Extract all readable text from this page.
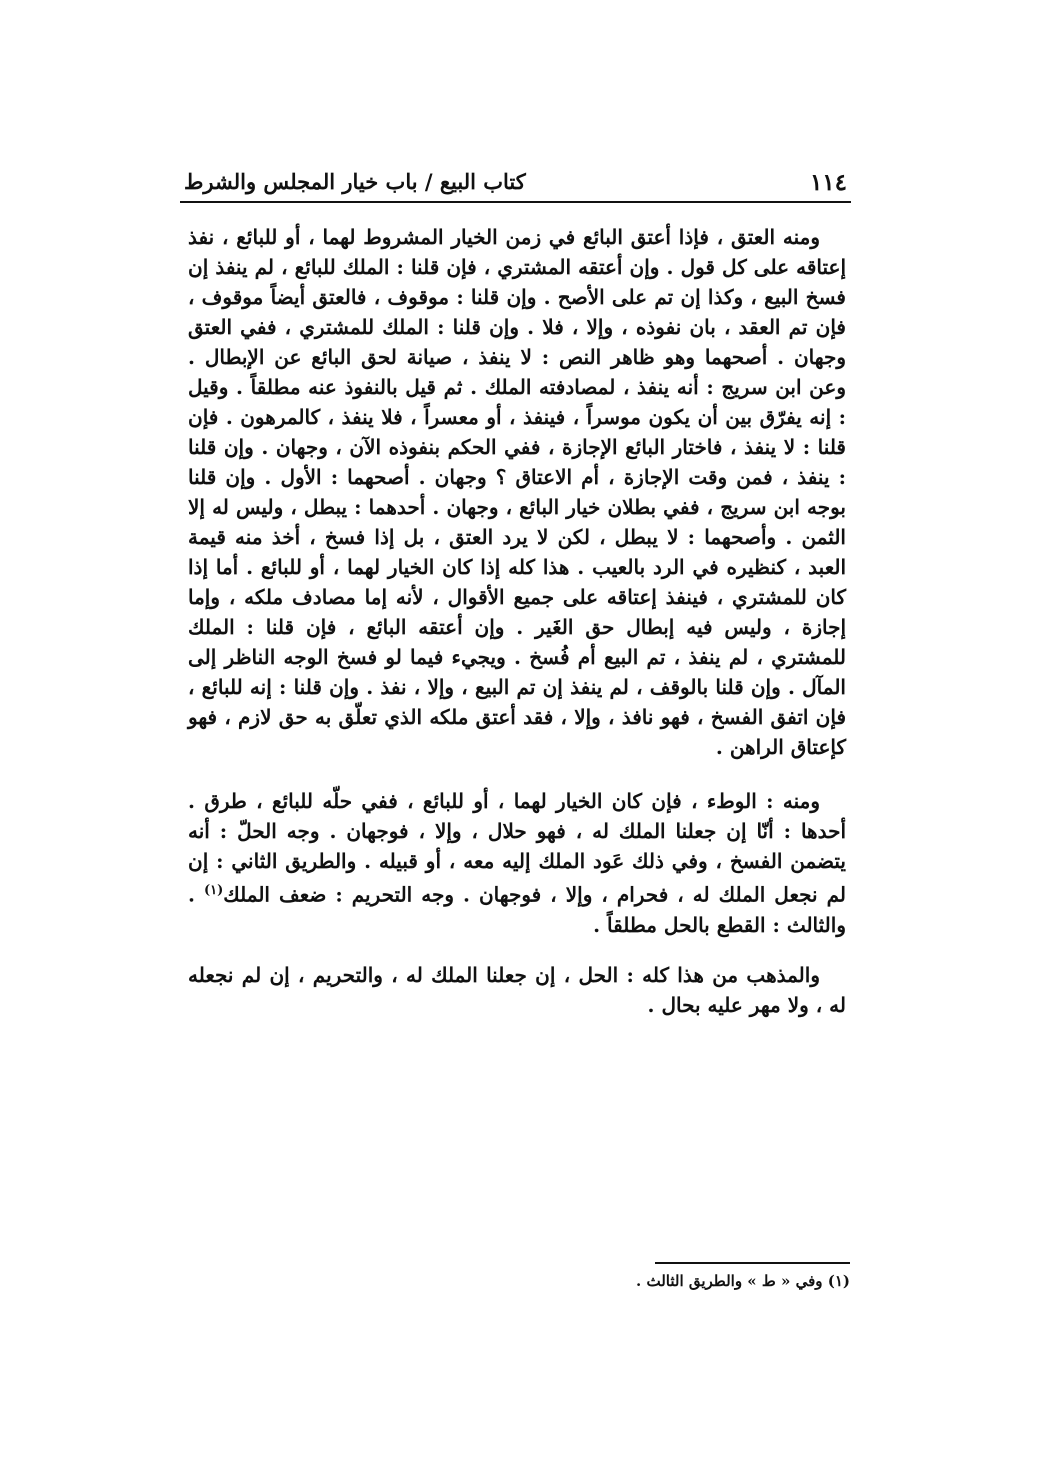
١١٤
كتاب البيع / باب خيار المجلس والشرط

ومنه العتق ، فإذا أعتق البائع في زمن الخيار المشروط لهما ، أو للبائع ، نفذ إعتاقه على كل قول . وإن أعتقه المشتري ، فإن قلنا : الملك للبائع ، لم ينفذ إن فسخ البيع ، وكذا إن تم على الأصح . وإن قلنا : موقوف ، فالعتق أيضاً موقوف ، فإن تم العقد ، بان نفوذه ، وإلا ، فلا . وإن قلنا : الملك للمشتري ، ففي العتق وجهان . أصحهما وهو ظاهر النص : لا ينفذ ، صيانة لحق البائع عن الإبطال . وعن ابن سريج : أنه ينفذ ، لمصادفته الملك . ثم قيل بالنفوذ عنه مطلقاً . وقيل : إنه يفرّق بين أن يكون موسراً ، فينفذ ، أو معسراً ، فلا ينفذ ، كالمرهون . فإن قلنا : لا ينفذ ، فاختار البائع الإجازة ، ففي الحكم بنفوذه الآن ، وجهان . وإن قلنا : ينفذ ، فمن وقت الإجازة ، أم الاعتاق ؟ وجهان . أصحهما : الأول . وإن قلنا بوجه ابن سريج ، ففي بطلان خيار البائع ، وجهان . أحدهما : يبطل ، وليس له إلا الثمن . وأصحهما : لا يبطل ، لكن لا يرد العتق ، بل إذا فسخ ، أخذ منه قيمة العبد ، كنظيره في الرد بالعيب . هذا كله إذا كان الخيار لهما ، أو للبائع . أما إذا كان للمشتري ، فينفذ إعتاقه على جميع الأقوال ، لأنه إما مصادف ملكه ، وإما إجازة ، وليس فيه إبطال حق الغَير . وإن أعتقه البائع ، فإن قلنا : الملك للمشتري ، لم ينفذ ، تم البيع أم فُسخ . ويجيء فيما لو فسخ الوجه الناظر إلى المآل . وإن قلنا بالوقف ، لم ينفذ إن تم البيع ، وإلا ، نفذ . وإن قلنا : إنه للبائع ، فإن اتفق الفسخ ، فهو نافذ ، وإلا ، فقد أعتق ملكه الذي تعلّق به حق لازم ، فهو كإعتاق الراهن .

ومنه : الوطء ، فإن كان الخيار لهما ، أو للبائع ، ففي حلّه للبائع ، طرق . أحدها : أنّا إن جعلنا الملك له ، فهو حلال ، وإلا ، فوجهان . وجه الحلّ : أنه يتضمن الفسخ ، وفي ذلك عَود الملك إليه معه ، أو قبيله . والطريق الثاني : إن لم نجعل الملك له ، فحرام ، وإلا ، فوجهان . وجه التحريم : ضعف الملك$^{(١)}$ . والثالث : القطع بالحل مطلقاً .

والمذهب من هذا كله : الحل ، إن جعلنا الملك له ، والتحريم ، إن لم نجعله له ، ولا مهر عليه بحال .

(١) وفي « ط » والطريق الثالث .
